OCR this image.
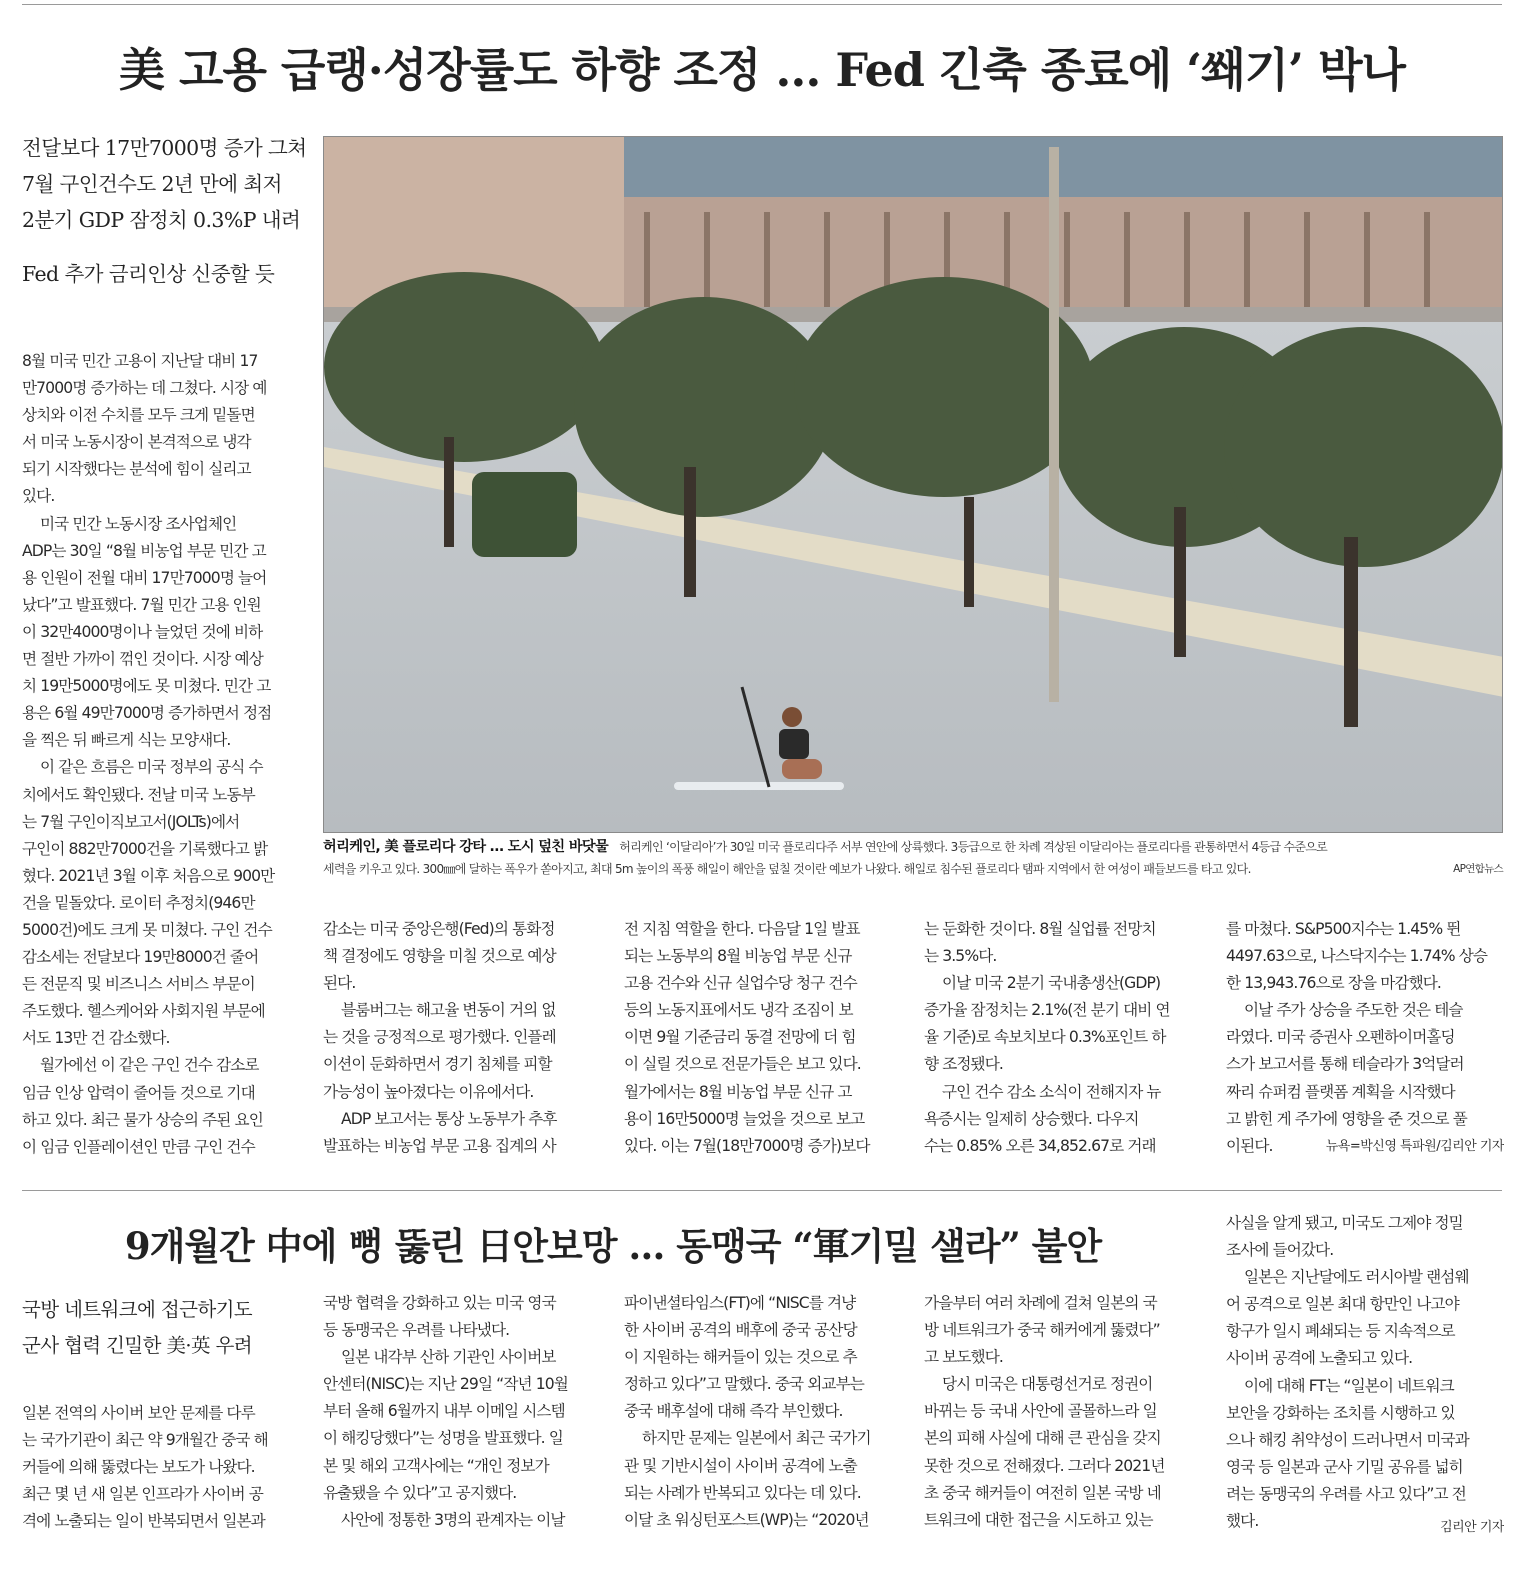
美 고용 급랭·성장률도 하향 조정 … Fed 긴축 종료에 ‘쐐기’ 박나
전달보다 17만7000명 증가 그쳐
7월 구인건수도 2년 만에 최저
2분기 GDP 잠정치 0.3%P 내려
Fed 추가 금리인상 신중할 듯

8월 미국 민간 고용이 지난달 대비 17

만7000명 증가하는 데 그쳤다. 시장 예

상치와 이전 수치를 모두 크게 밑돌면

서 미국 노동시장이 본격적으로 냉각

되기 시작했다는 분석에 힘이 실리고

있다.

미국 민간 노동시장 조사업체인

ADP는 30일 “8월 비농업 부문 민간 고

용 인원이 전월 대비 17만7000명 늘어

났다”고 발표했다. 7월 민간 고용 인원

이 32만4000명이나 늘었던 것에 비하

면 절반 가까이 꺾인 것이다. 시장 예상

치 19만5000명에도 못 미쳤다. 민간 고

용은 6월 49만7000명 증가하면서 정점

을 찍은 뒤 빠르게 식는 모양새다.

이 같은 흐름은 미국 정부의 공식 수

치에서도 확인됐다. 전날 미국 노동부

는 7월 구인이직보고서(JOLTs)에서

구인이 882만7000건을 기록했다고 밝

혔다. 2021년 3월 이후 처음으로 900만

건을 밑돌았다. 로이터 추정치(946만

5000건)에도 크게 못 미쳤다. 구인 건수

감소세는 전달보다 19만8000건 줄어

든 전문직 및 비즈니스 서비스 부문이

주도했다. 헬스케어와 사회지원 부문에

서도 13만 건 감소했다.

월가에선 이 같은 구인 건수 감소로

임금 인상 압력이 줄어들 것으로 기대

하고 있다. 최근 물가 상승의 주된 요인

이 임금 인플레이션인 만큼 구인 건수

감소는 미국 중앙은행(Fed)의 통화정

책 결정에도 영향을 미칠 것으로 예상

된다.

블룸버그는 해고율 변동이 거의 없

는 것을 긍정적으로 평가했다. 인플레

이션이 둔화하면서 경기 침체를 피할

가능성이 높아졌다는 이유에서다.

ADP 보고서는 통상 노동부가 추후

발표하는 비농업 부문 고용 집계의 사

전 지침 역할을 한다. 다음달 1일 발표

되는 노동부의 8월 비농업 부문 신규

고용 건수와 신규 실업수당 청구 건수

등의 노동지표에서도 냉각 조짐이 보

이면 9월 기준금리 동결 전망에 더 힘

이 실릴 것으로 전문가들은 보고 있다.

월가에서는 8월 비농업 부문 신규 고

용이 16만5000명 늘었을 것으로 보고

있다. 이는 7월(18만7000명 증가)보다

는 둔화한 것이다. 8월 실업률 전망치

는 3.5%다.

이날 미국 2분기 국내총생산(GDP)

증가율 잠정치는 2.1%(전 분기 대비 연

율 기준)로 속보치보다 0.3%포인트 하

향 조정됐다.

구인 건수 감소 소식이 전해지자 뉴

욕증시는 일제히 상승했다. 다우지

수는 0.85% 오른 34,852.67로 거래

를 마쳤다. S&P500지수는 1.45% 뛴

4497.63으로, 나스닥지수는 1.74% 상승

한 13,943.76으로 장을 마감했다.

이날 주가 상승을 주도한 것은 테슬

라였다. 미국 증권사 오펜하이머홀딩

스가 보고서를 통해 테슬라가 3억달러

짜리 슈퍼컴 플랫폼 계획을 시작했다

고 밝힌 게 주가에 영향을 준 것으로 풀

이된다.	뉴욕=박신영 특파원/김리안 기자
허리케인, 美 플로리다 강타 … 도시 덮친 바닷물 허리케인 ‘이달리아’가 30일 미국 플로리다주 서부 연안에 상륙했다. 3등급으로 한 차례 격상된 이달리아는 플로리다를 관통하면서 4등급 수준으로
세력을 키우고 있다. 300㎜에 달하는 폭우가 쏟아지고, 최대 5m 높이의 폭풍 해일이 해안을 덮칠 것이란 예보가 나왔다. 해일로 침수된 플로리다 탬파 지역에서 한 여성이 패들보드를 타고 있다.	AP연합뉴스
9개월간 中에 뻥 뚫린 日안보망 … 동맹국 “軍기밀 샐라” 불안
국방 네트워크에 접근하기도
군사 협력 긴밀한 美·英 우려

일본 전역의 사이버 보안 문제를 다루

는 국가기관이 최근 약 9개월간 중국 해

커들에 의해 뚫렸다는 보도가 나왔다.

최근 몇 년 새 일본 인프라가 사이버 공

격에 노출되는 일이 반복되면서 일본과

국방 협력을 강화하고 있는 미국 영국

등 동맹국은 우려를 나타냈다.

일본 내각부 산하 기관인 사이버보

안센터(NISC)는 지난 29일 “작년 10월

부터 올해 6월까지 내부 이메일 시스템

이 해킹당했다”는 성명을 발표했다. 일

본 및 해외 고객사에는 “개인 정보가

유출됐을 수 있다”고 공지했다.

사안에 정통한 3명의 관계자는 이날

파이낸셜타임스(FT)에 “NISC를 겨냥

한 사이버 공격의 배후에 중국 공산당

이 지원하는 해커들이 있는 것으로 추

정하고 있다”고 말했다. 중국 외교부는

중국 배후설에 대해 즉각 부인했다.

하지만 문제는 일본에서 최근 국가기

관 및 기반시설이 사이버 공격에 노출

되는 사례가 반복되고 있다는 데 있다.

이달 초 워싱턴포스트(WP)는 “2020년

가을부터 여러 차례에 걸쳐 일본의 국

방 네트워크가 중국 해커에게 뚫렸다”

고 보도했다.

당시 미국은 대통령선거로 정권이

바뀌는 등 국내 사안에 골몰하느라 일

본의 피해 사실에 대해 큰 관심을 갖지

못한 것으로 전해졌다. 그러다 2021년

초 중국 해커들이 여전히 일본 국방 네

트워크에 대한 접근을 시도하고 있는

사실을 알게 됐고, 미국도 그제야 정밀

조사에 들어갔다.

일본은 지난달에도 러시아발 랜섬웨

어 공격으로 일본 최대 항만인 나고야

항구가 일시 폐쇄되는 등 지속적으로

사이버 공격에 노출되고 있다.

이에 대해 FT는 “일본이 네트워크

보안을 강화하는 조치를 시행하고 있

으나 해킹 취약성이 드러나면서 미국과

영국 등 일본과 군사 기밀 공유를 넓히

려는 동맹국의 우려를 사고 있다”고 전

했다.	김리안 기자
